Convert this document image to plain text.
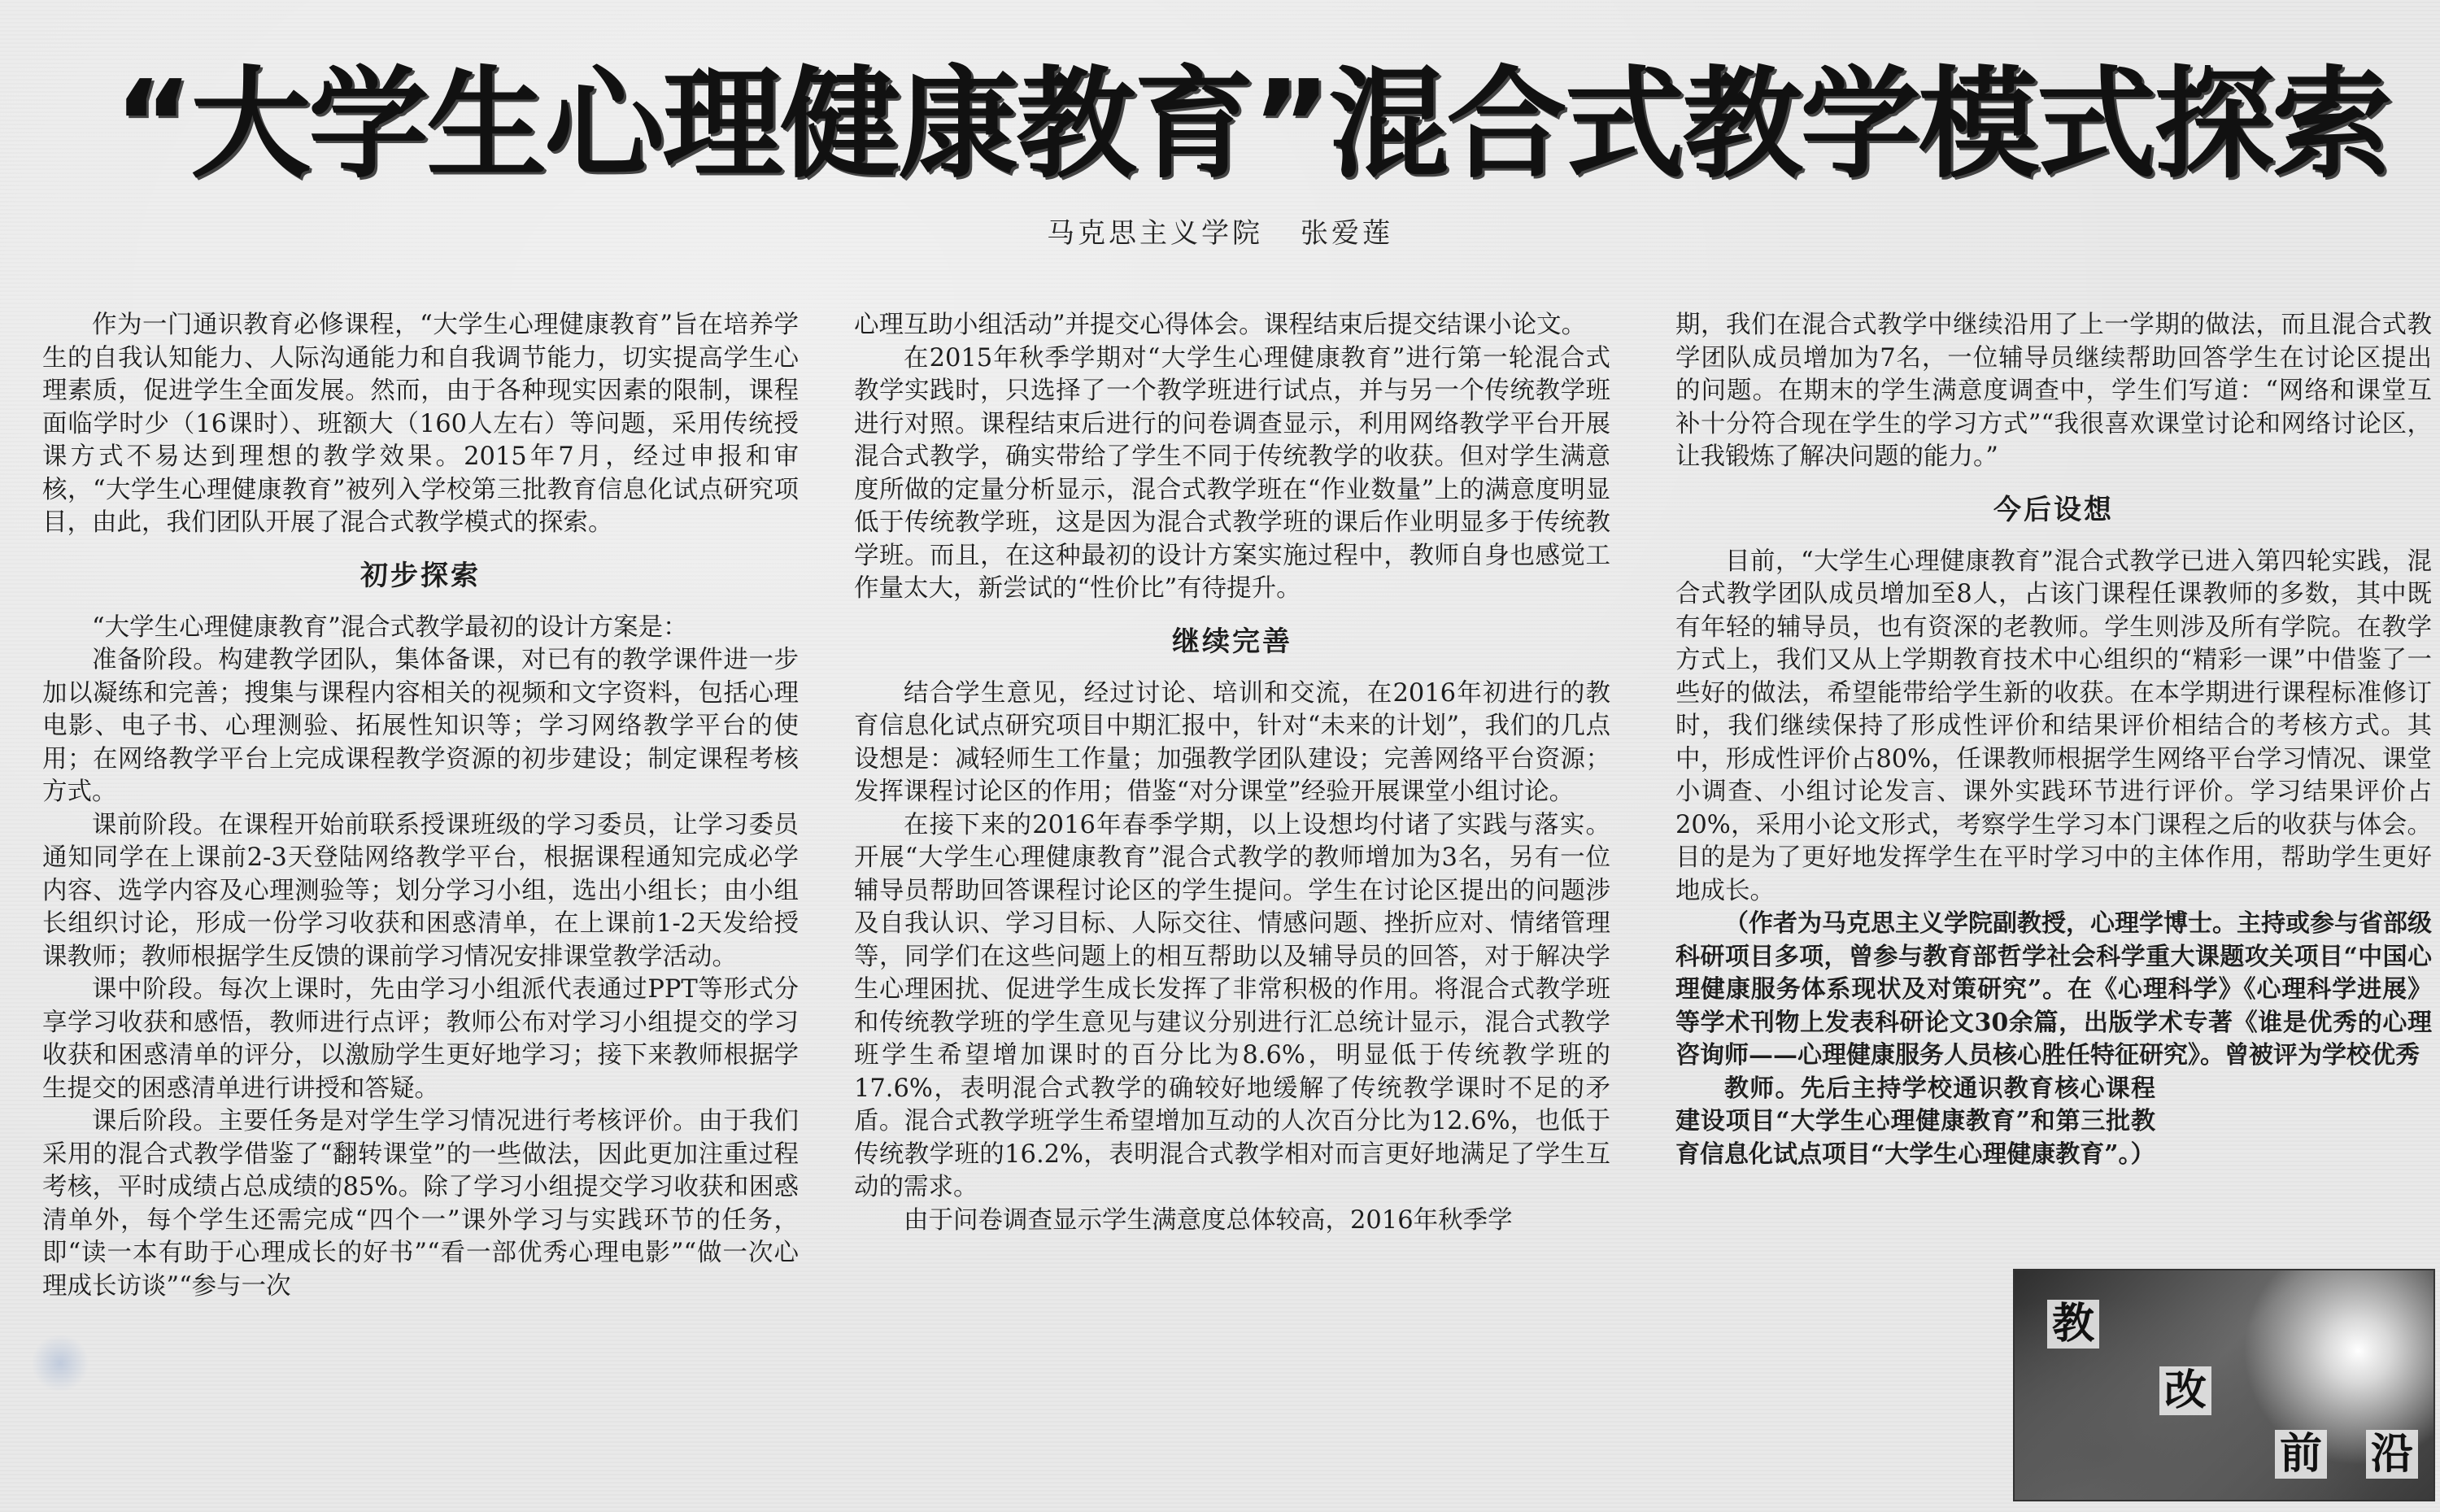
“大学生心理健康教育”混合式教学模式探索
马克思主义学院 张爱莲

作为一门通识教育必修课程，“大学生心理健康教育”旨在培养学生的自我认知能力、人际沟通能力和自我调节能力，切实提高学生心理素质，促进学生全面发展。然而，由于各种现实因素的限制，课程面临学时少（16课时）、班额大（160人左右）等问题，采用传统授课方式不易达到理想的教学效果。2015年7月，经过申报和审核，“大学生心理健康教育”被列入学校第三批教育信息化试点研究项目，由此，我们团队开展了混合式教学模式的探索。

初步探索

“大学生心理健康教育”混合式教学最初的设计方案是：

准备阶段。构建教学团队，集体备课，对已有的教学课件进一步加以凝练和完善；搜集与课程内容相关的视频和文字资料，包括心理电影、电子书、心理测验、拓展性知识等；学习网络教学平台的使用；在网络教学平台上完成课程教学资源的初步建设；制定课程考核方式。

课前阶段。在课程开始前联系授课班级的学习委员，让学习委员通知同学在上课前2-3天登陆网络教学平台，根据课程通知完成必学内容、选学内容及心理测验等；划分学习小组，选出小组长；由小组长组织讨论，形成一份学习收获和困惑清单，在上课前1-2天发给授课教师；教师根据学生反馈的课前学习情况安排课堂教学活动。

课中阶段。每次上课时，先由学习小组派代表通过PPT等形式分享学习收获和感悟，教师进行点评；教师公布对学习小组提交的学习收获和困惑清单的评分，以激励学生更好地学习；接下来教师根据学生提交的困惑清单进行讲授和答疑。

课后阶段。主要任务是对学生学习情况进行考核评价。由于我们采用的混合式教学借鉴了“翻转课堂”的一些做法，因此更加注重过程考核，平时成绩占总成绩的85%。除了学习小组提交学习收获和困惑清单外，每个学生还需完成“四个一”课外学习与实践环节的任务，即“读一本有助于心理成长的好书”“看一部优秀心理电影”“做一次心理成长访谈”“参与一次

心理互助小组活动”并提交心得体会。课程结束后提交结课小论文。

在2015年秋季学期对“大学生心理健康教育”进行第一轮混合式教学实践时，只选择了一个教学班进行试点，并与另一个传统教学班进行对照。课程结束后进行的问卷调查显示，利用网络教学平台开展混合式教学，确实带给了学生不同于传统教学的收获。但对学生满意度所做的定量分析显示，混合式教学班在“作业数量”上的满意度明显低于传统教学班，这是因为混合式教学班的课后作业明显多于传统教学班。而且，在这种最初的设计方案实施过程中，教师自身也感觉工作量太大，新尝试的“性价比”有待提升。

继续完善

结合学生意见，经过讨论、培训和交流，在2016年初进行的教育信息化试点研究项目中期汇报中，针对“未来的计划”，我们的几点设想是：减轻师生工作量；加强教学团队建设；完善网络平台资源；发挥课程讨论区的作用；借鉴“对分课堂”经验开展课堂小组讨论。

在接下来的2016年春季学期，以上设想均付诸了实践与落实。开展“大学生心理健康教育”混合式教学的教师增加为3名，另有一位辅导员帮助回答课程讨论区的学生提问。学生在讨论区提出的问题涉及自我认识、学习目标、人际交往、情感问题、挫折应对、情绪管理等，同学们在这些问题上的相互帮助以及辅导员的回答，对于解决学生心理困扰、促进学生成长发挥了非常积极的作用。将混合式教学班和传统教学班的学生意见与建议分别进行汇总统计显示，混合式教学班学生希望增加课时的百分比为8.6%，明显低于传统教学班的17.6%，表明混合式教学的确较好地缓解了传统教学课时不足的矛盾。混合式教学班学生希望增加互动的人次百分比为12.6%，也低于传统教学班的16.2%，表明混合式教学相对而言更好地满足了学生互动的需求。

由于问卷调查显示学生满意度总体较高，2016年秋季学

期，我们在混合式教学中继续沿用了上一学期的做法，而且混合式教学团队成员增加为7名，一位辅导员继续帮助回答学生在讨论区提出的问题。在期末的学生满意度调查中，学生们写道：“网络和课堂互补十分符合现在学生的学习方式”“我很喜欢课堂讨论和网络讨论区，让我锻炼了解决问题的能力。”

今后设想

目前，“大学生心理健康教育”混合式教学已进入第四轮实践，混合式教学团队成员增加至8人，占该门课程任课教师的多数，其中既有年轻的辅导员，也有资深的老教师。学生则涉及所有学院。在教学方式上，我们又从上学期教育技术中心组织的“精彩一课”中借鉴了一些好的做法，希望能带给学生新的收获。在本学期进行课程标准修订时，我们继续保持了形成性评价和结果评价相结合的考核方式。其中，形成性评价占80%，任课教师根据学生网络平台学习情况、课堂小调查、小组讨论发言、课外实践环节进行评价。学习结果评价占20%，采用小论文形式，考察学生学习本门课程之后的收获与体会。目的是为了更好地发挥学生在平时学习中的主体作用，帮助学生更好地成长。

（作者为马克思主义学院副教授，心理学博士。主持或参与省部级科研项目多项，曾参与教育部哲学社会科学重大课题攻关项目“中国心理健康服务体系现状及对策研究”。在《心理科学》《心理科学进展》等学术刊物上发表科研论文30余篇，出版学术专著《谁是优秀的心理咨询师——心理健康服务人员核心胜任特征研究》。曾被评为学校优秀

教师。先后主持学校通识教育核心课程建设项目“大学生心理健康教育”和第三批教育信息化试点项目“大学生心理健康教育”。）

教
改
前 沿
